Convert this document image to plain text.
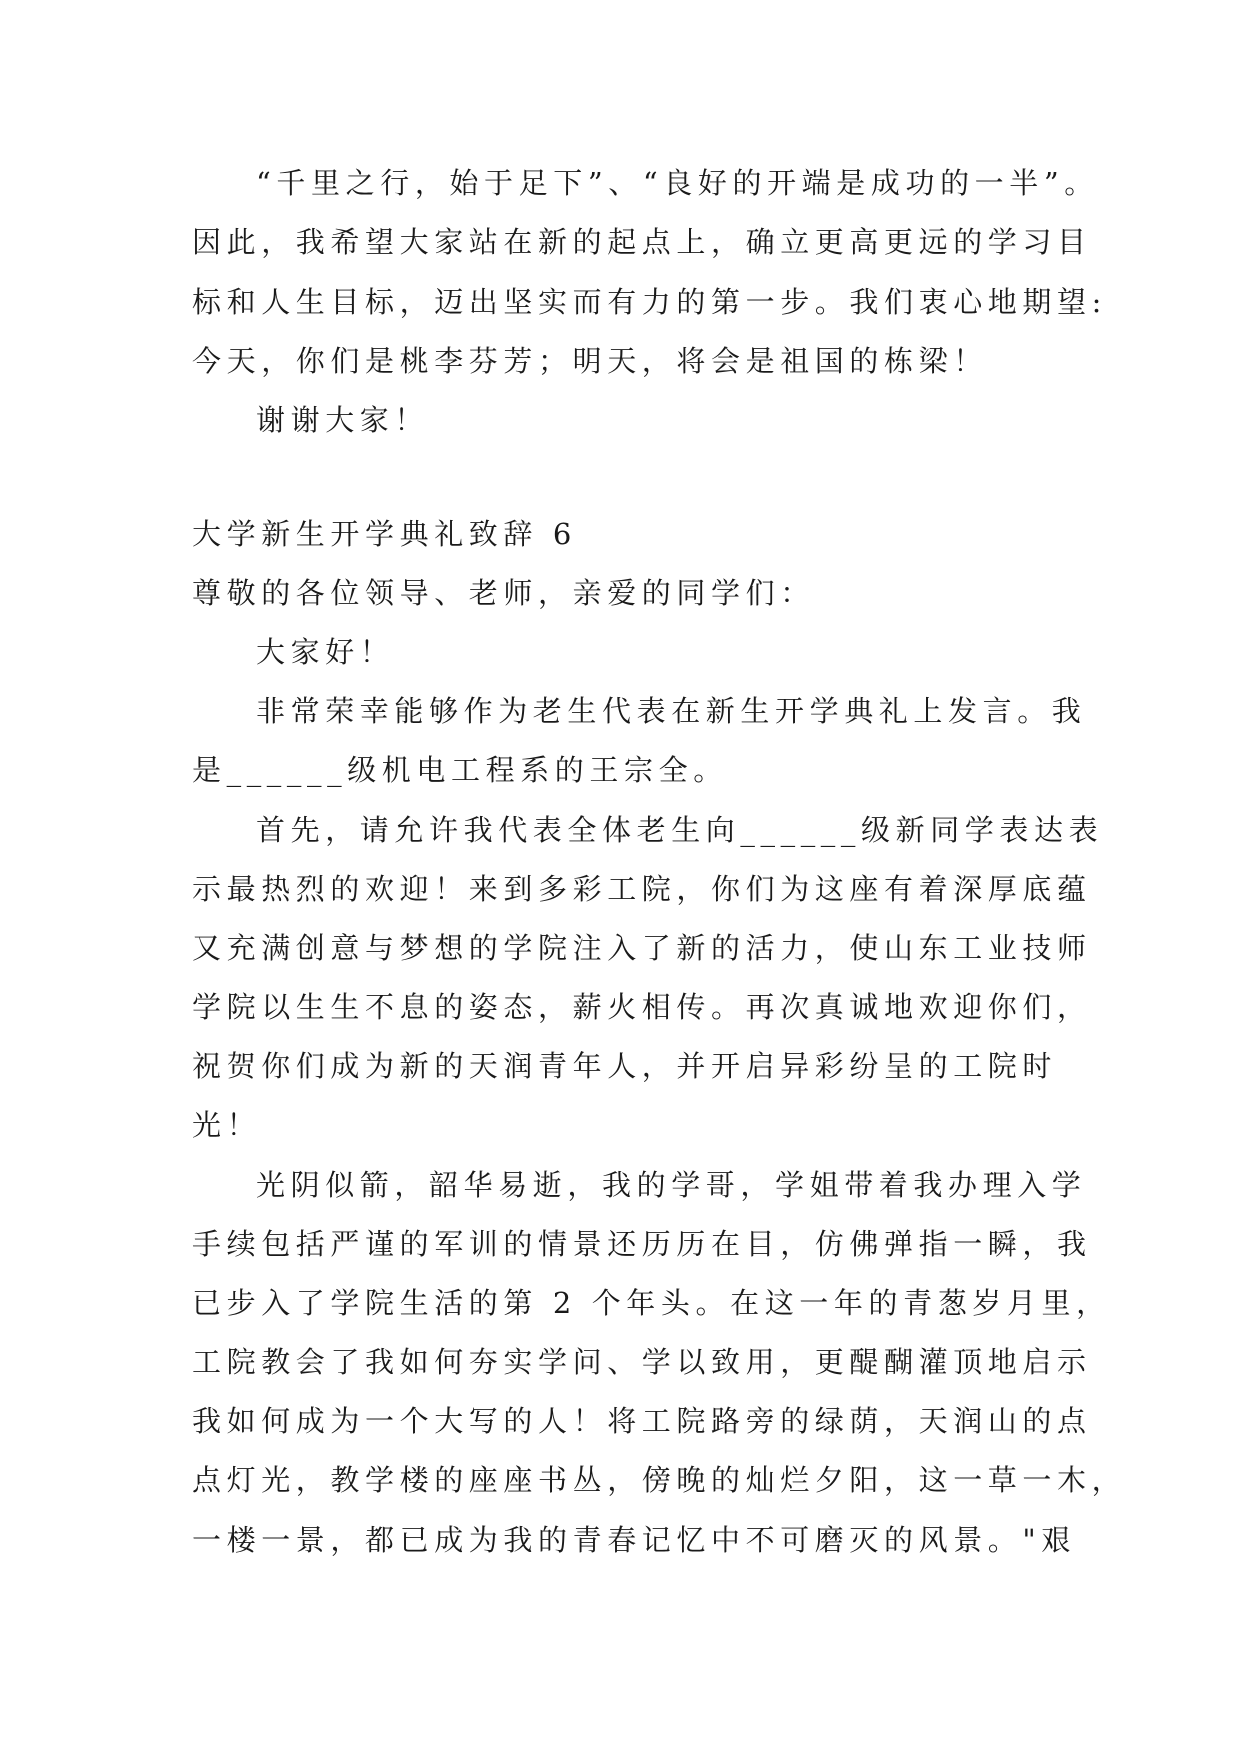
“千里之行，始于足下”、“良好的开端是成功的一半”。

因此，我希望大家站在新的起点上，确立更高更远的学习目

标和人生目标，迈出坚实而有力的第一步。我们衷心地期望:

今天，你们是桃李芬芳；明天，将会是祖国的栋梁！

谢谢大家！

大学新生开学典礼致辞 6

尊敬的各位领导、老师，亲爱的同学们：

大家好！

非常荣幸能够作为老生代表在新生开学典礼上发言。我

是______级机电工程系的王宗全。

首先，请允许我代表全体老生向______级新同学表达表

示最热烈的欢迎！来到多彩工院，你们为这座有着深厚底蕴

又充满创意与梦想的学院注入了新的活力，使山东工业技师

学院以生生不息的姿态，薪火相传。再次真诚地欢迎你们，

祝贺你们成为新的天润青年人，并开启异彩纷呈的工院时

光！

光阴似箭，韶华易逝，我的学哥，学姐带着我办理入学

手续包括严谨的军训的情景还历历在目，仿佛弹指一瞬，我

已步入了学院生活的第 2 个年头。在这一年的青葱岁月里，

工院教会了我如何夯实学问、学以致用，更醍醐灌顶地启示

我如何成为一个大写的人！将工院路旁的绿荫，天润山的点

点灯光，教学楼的座座书丛，傍晚的灿烂夕阳，这一草一木，

一楼一景，都已成为我的青春记忆中不可磨灭的风景。"艰
